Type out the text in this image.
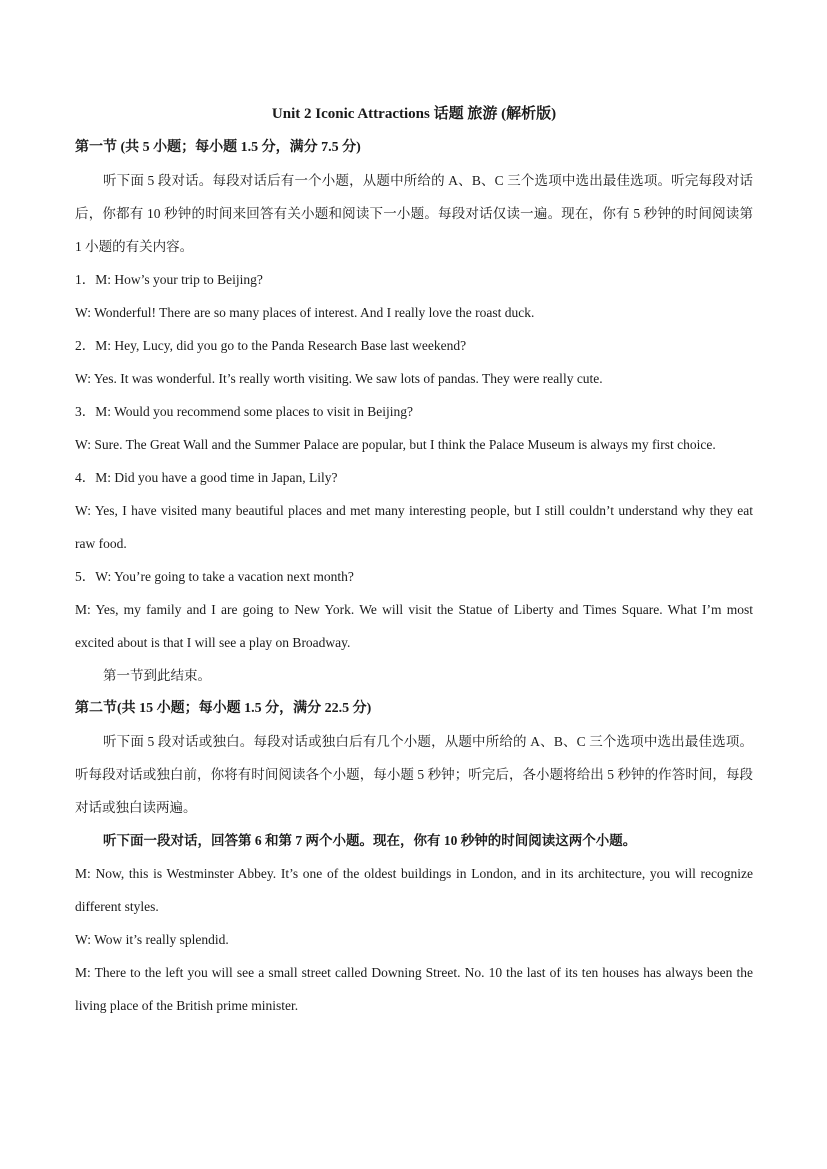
Unit 2 Iconic Attractions 话题 旅游 (解析版)

第一节 (共 5 小题；每小题 1.5 分，满分 7.5 分)

听下面 5 段对话。每段对话后有一个小题，从题中所给的 A、B、C 三个选项中选出最佳选项。听完每段对话后，你都有 10 秒钟的时间来回答有关小题和阅读下一小题。每段对话仅读一遍。现在，你有 5 秒钟的时间阅读第 1 小题的有关内容。

1．M: How’s your trip to Beijing?

W: Wonderful! There are so many places of interest. And I really love the roast duck.

2．M: Hey, Lucy, did you go to the Panda Research Base last weekend?

W: Yes. It was wonderful. It’s really worth visiting. We saw lots of pandas. They were really cute.

3．M: Would you recommend some places to visit in Beijing?

W: Sure. The Great Wall and the Summer Palace are popular, but I think the Palace Museum is always my first choice.

4．M: Did you have a good time in Japan, Lily?

W: Yes, I have visited many beautiful places and met many interesting people, but I still couldn’t understand why they eat raw food.

5．W: You’re going to take a vacation next month?

M: Yes, my family and I are going to New York. We will visit the Statue of Liberty and Times Square. What I’m most excited about is that I will see a play on Broadway.

第一节到此结束。

第二节(共 15 小题；每小题 1.5 分，满分 22.5 分)

听下面 5 段对话或独白。每段对话或独白后有几个小题，从题中所给的 A、B、C 三个选项中选出最佳选项。听每段对话或独白前，你将有时间阅读各个小题，每小题 5 秒钟；听完后，各小题将给出 5 秒钟的作答时间，每段对话或独白读两遍。

听下面一段对话，回答第 6 和第 7 两个小题。现在，你有 10 秒钟的时间阅读这两个小题。

M: Now, this is Westminster Abbey. It’s one of the oldest buildings in London, and in its architecture, you will recognize different styles.

W: Wow it’s really splendid.

M: There to the left you will see a small street called Downing Street. No. 10 the last of its ten houses has always been the living place of the British prime minister.
